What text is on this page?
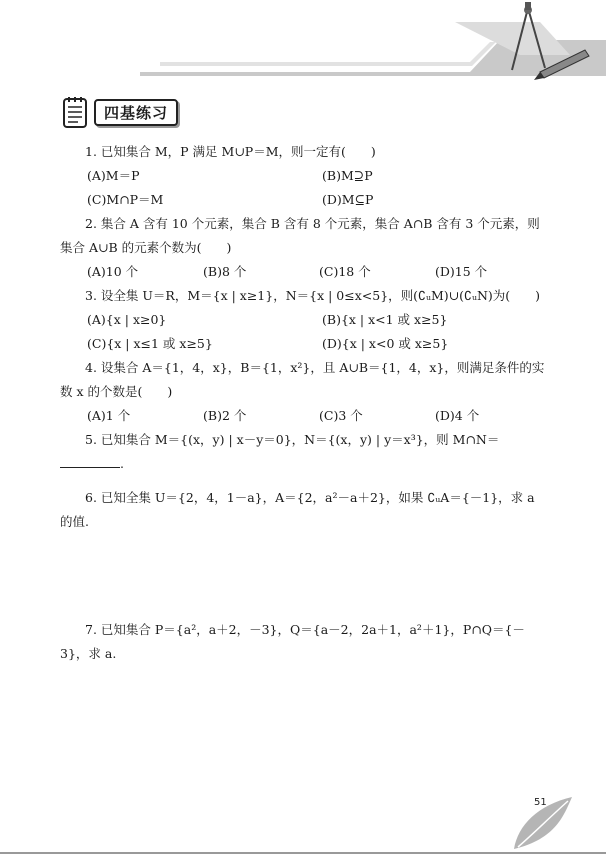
四基练习

1. 已知集合 M，P 满足 M∪P＝M，则一定有(　　)

(A)M＝P	(B)M⊇P
(C)M∩P＝M	(D)M⊆P

2. 集合 A 含有 10 个元素，集合 B 含有 8 个元素，集合 A∩B 含有 3 个元素，则集合 A∪B 的元素个数为(　　)

(A)10 个	(B)8 个	(C)18 个	(D)15 个

3. 设全集 U＝R，M＝{x | x≥1}，N＝{x | 0≤x<5}，则(∁ᵤM)∪(∁ᵤN)为(　　)

(A){x | x≥0}	(B){x | x<1 或 x≥5}
(C){x | x≤1 或 x≥5}	(D){x | x<0 或 x≥5}

4. 设集合 A＝{1，4，x}，B＝{1，x²}，且 A∪B＝{1，4，x}，则满足条件的实数 x 的个数是(　　)

(A)1 个	(B)2 个	(C)3 个	(D)4 个

5. 已知集合 M＝{(x，y) | x－y＝0}，N＝{(x，y) | y＝x³}，则 M∩N＝ .

6. 已知全集 U＝{2，4，1－a}，A＝{2，a²－a＋2}，如果 ∁ᵤA＝{－1}，求 a 的值.

7. 已知集合 P＝{a²，a＋2，－3}，Q＝{a－2，2a＋1，a²＋1}，P∩Q＝{－3}，求 a.

51
